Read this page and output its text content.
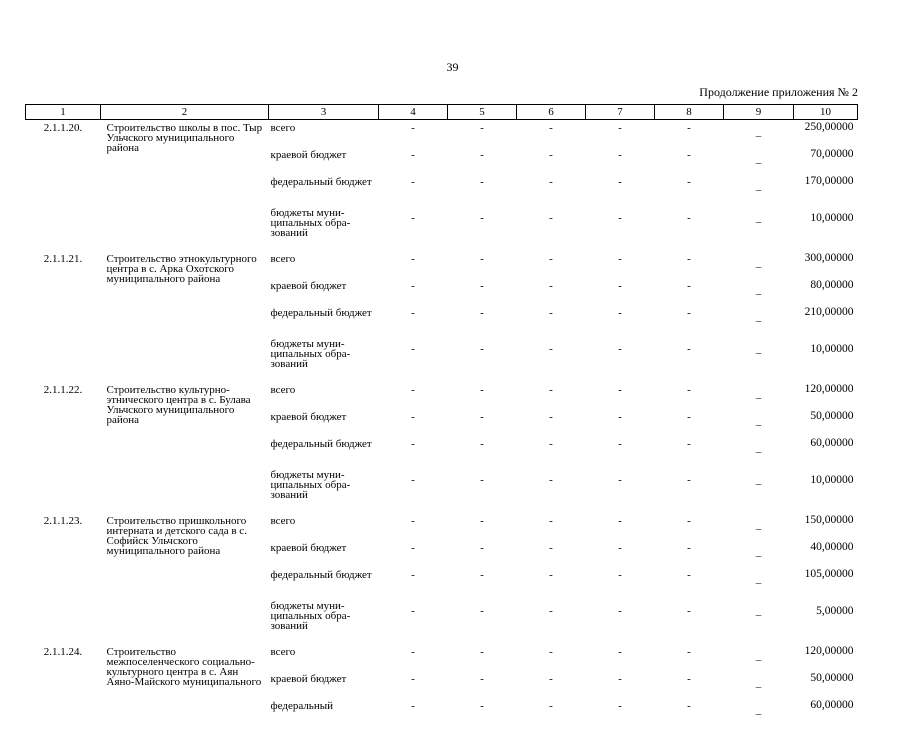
39
Продолжение приложения № 2
1	2	3	4	5	6	7	8	9	10
2.1.1.20.	Строительство школы в пос. Тыр Ульчского муниципального района	всего	-	-	-	-	-	_	250,00000
		краевой бюджет	-	-	-	-	-	_	70,00000
		федеральный бюджет	-	-	-	-	-	_	170,00000
		бюджеты муни-ципальных обра-зований	-	-	-	-	-	_	10,00000
2.1.1.21.	Строительство этнокультурного центра в с. Арка Охотского муниципального района	всего	-	-	-	-	-	_	300,00000
		краевой бюджет	-	-	-	-	-	_	80,00000
		федеральный бюджет	-	-	-	-	-	_	210,00000
		бюджеты муни-ципальных обра-зований	-	-	-	-	-	_	10,00000
2.1.1.22.	Строительство культурно-этнического центра в с. Булава Ульчского муниципального района	всего	-	-	-	-	-	_	120,00000
		краевой бюджет	-	-	-	-	-	_	50,00000
		федеральный бюджет	-	-	-	-	-	_	60,00000
		бюджеты муни-ципальных обра-зований	-	-	-	-	-	_	10,00000
2.1.1.23.	Строительство пришкольного интерната и детского сада в с. Софийск Ульчского муниципального района	всего	-	-	-	-	-	_	150,00000
		краевой бюджет	-	-	-	-	-	_	40,00000
		федеральный бюджет	-	-	-	-	-	_	105,00000
		бюджеты муни-ципальных обра-зований	-	-	-	-	-	_	5,00000
2.1.1.24.	Строительство межпоселенческого социально-культурного центра в с. Аян Аяно-Майского муниципального	всего	-	-	-	-	-	_	120,00000
		краевой бюджет	-	-	-	-	-	_	50,00000
		федеральный	-	-	-	-	-	_	60,00000
